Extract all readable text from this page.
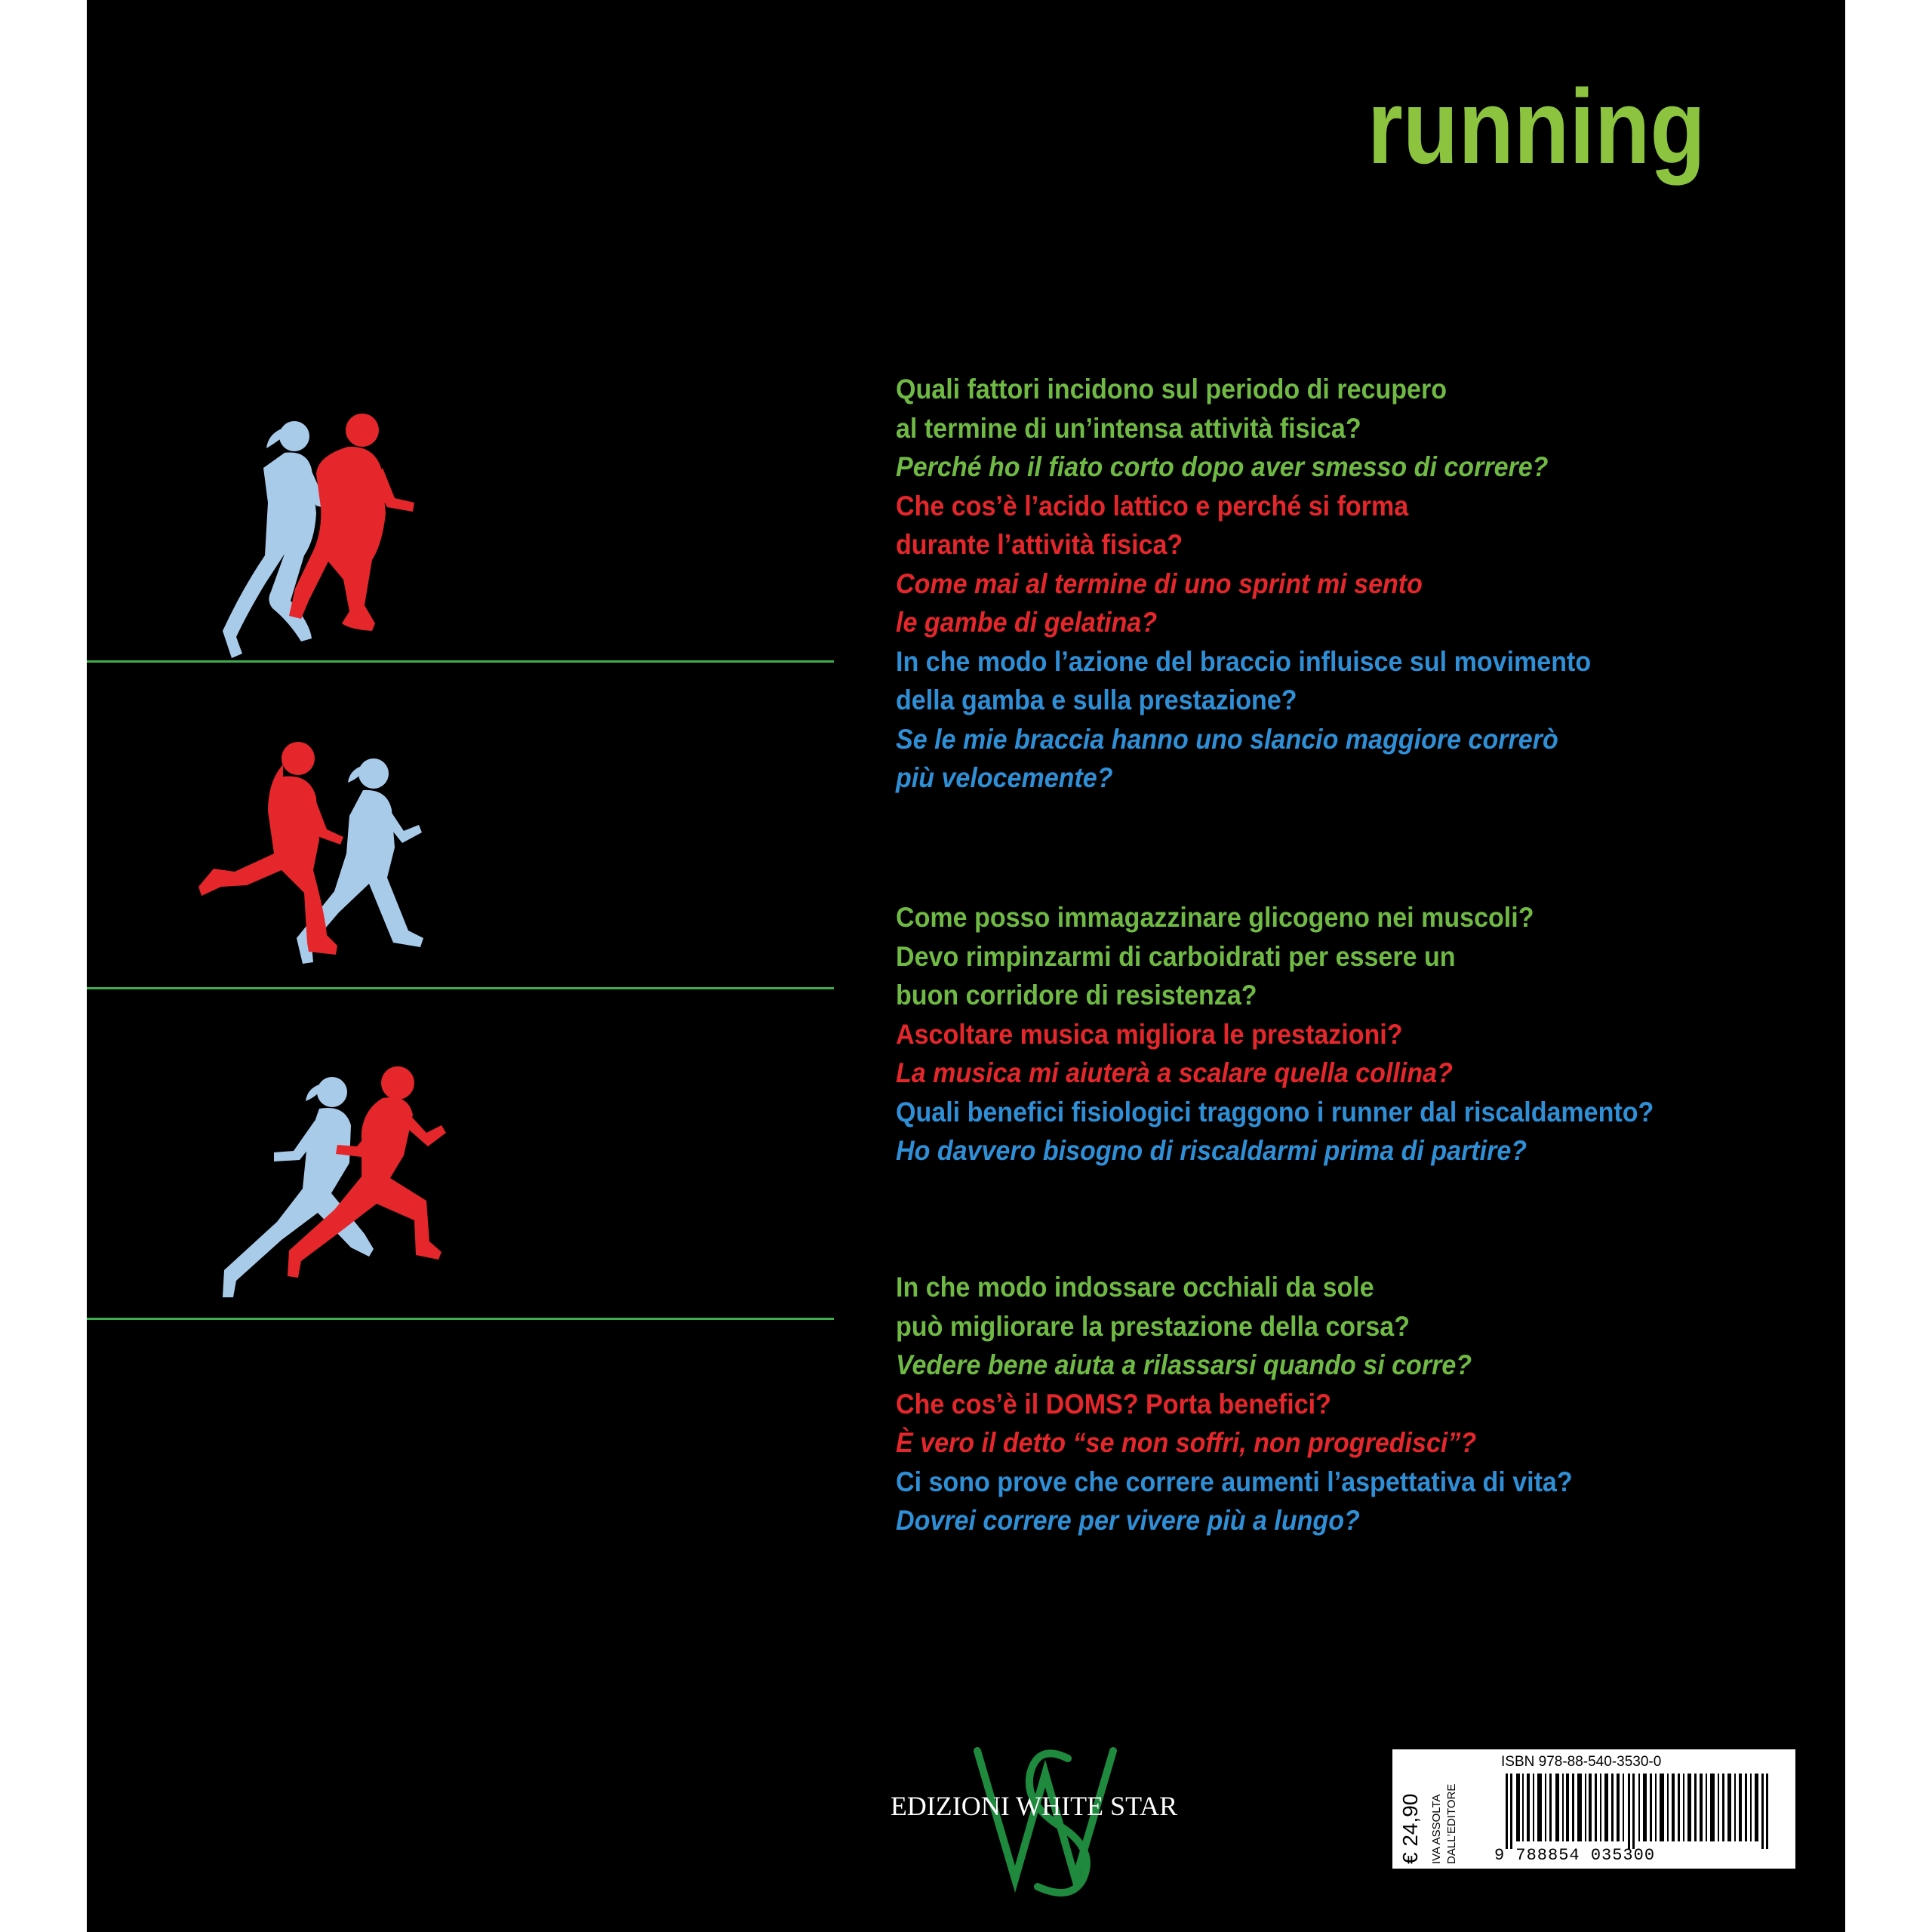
running
Quali fattori incidono sul periodo di recupero
al termine di un’intensa attività fisica?
Perché ho il fiato corto dopo aver smesso di correre?
Che cos’è l’acido lattico e perché si forma
durante l’attività fisica?
Come mai al termine di uno sprint mi sento
le gambe di gelatina?
In che modo l’azione del braccio influisce sul movimento
della gamba e sulla prestazione?
Se le mie braccia hanno uno slancio maggiore correrò
più velocemente?
Come posso immagazzinare glicogeno nei muscoli?
Devo rimpinzarmi di carboidrati per essere un
buon corridore di resistenza?
Ascoltare musica migliora le prestazioni?
La musica mi aiuterà a scalare quella collina?
Quali benefici fisiologici traggono i runner dal riscaldamento?
Ho davvero bisogno di riscaldarmi prima di partire?
In che modo indossare occhiali da sole
può migliorare la prestazione della corsa?
Vedere bene aiuta a rilassarsi quando si corre?
Che cos’è il DOMS? Porta benefici?
È vero il detto “se non soffri, non progredisci”?
Ci sono prove che correre aumenti l’aspettativa di vita?
Dovrei correre per vivere più a lungo?
EDIZIONI WHITE STAR	€ 24,90 IVA ASSOLTA DALL’EDITORE
ISBN 978-88-540-3530-0
9 788854 035300
